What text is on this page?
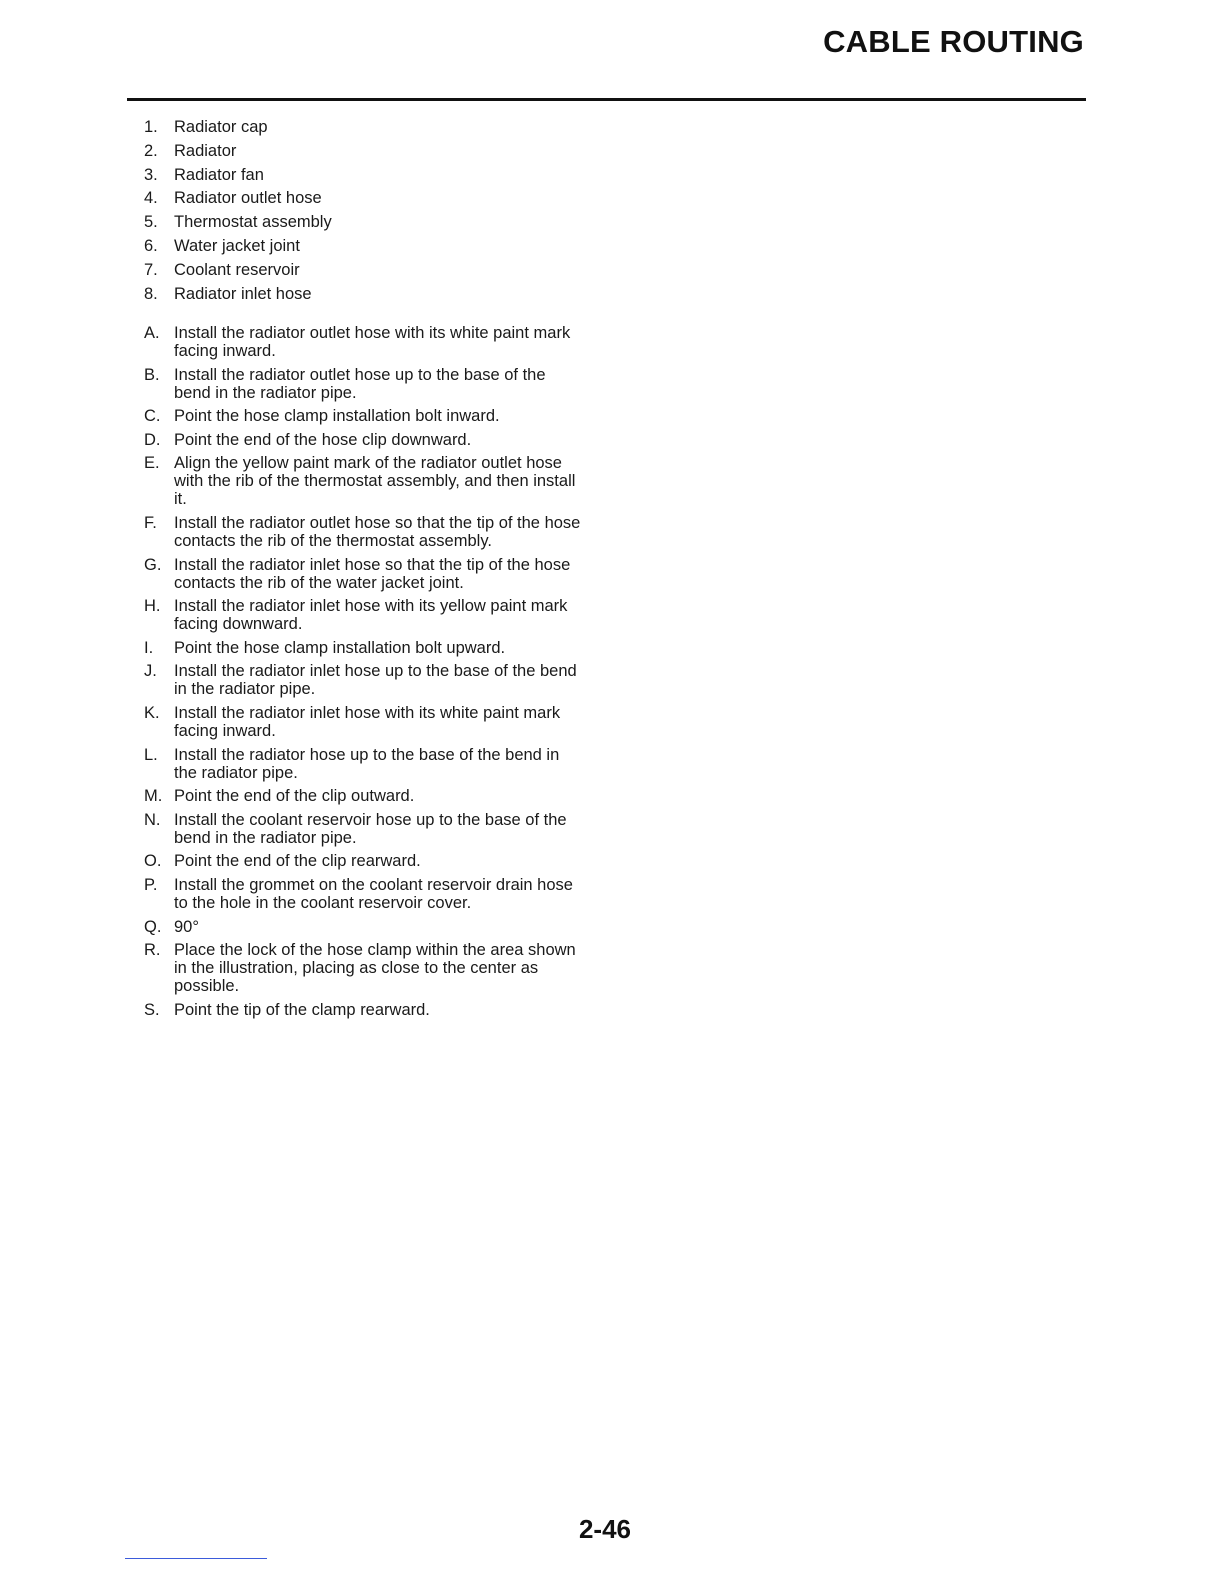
CABLE ROUTING
1. Radiator cap
2. Radiator
3. Radiator fan
4. Radiator outlet hose
5. Thermostat assembly
6. Water jacket joint
7. Coolant reservoir
8. Radiator inlet hose
A. Install the radiator outlet hose with its white paint mark facing inward.
B. Install the radiator outlet hose up to the base of the bend in the radiator pipe.
C. Point the hose clamp installation bolt inward.
D. Point the end of the hose clip downward.
E. Align the yellow paint mark of the radiator outlet hose with the rib of the thermostat assembly, and then install it.
F.	Install the radiator outlet hose so that the tip of the hose contacts the rib of the thermostat assembly.
G. Install the radiator inlet hose so that the tip of the hose contacts the rib of the water jacket joint.
H. Install the radiator inlet hose with its yellow paint mark facing downward.
I.	Point the hose clamp installation bolt upward.
J.	Install the radiator inlet hose up to the base of the bend in the radiator pipe.
K. Install the radiator inlet hose with its white paint mark facing inward.
L. Install the radiator hose up to the base of the bend in the radiator pipe.
M. Point the end of the clip outward.
N. Install the coolant reservoir hose up to the base of the bend in the radiator pipe.
O. Point the end of the clip rearward.
P.	Install the grommet on the coolant reservoir drain hose to the hole in the coolant reservoir cover.
Q. 90°
R. Place the lock of the hose clamp within the area shown in the illustration, placing as close to the center as possible.
S. Point the tip of the clamp rearward.
2-46
